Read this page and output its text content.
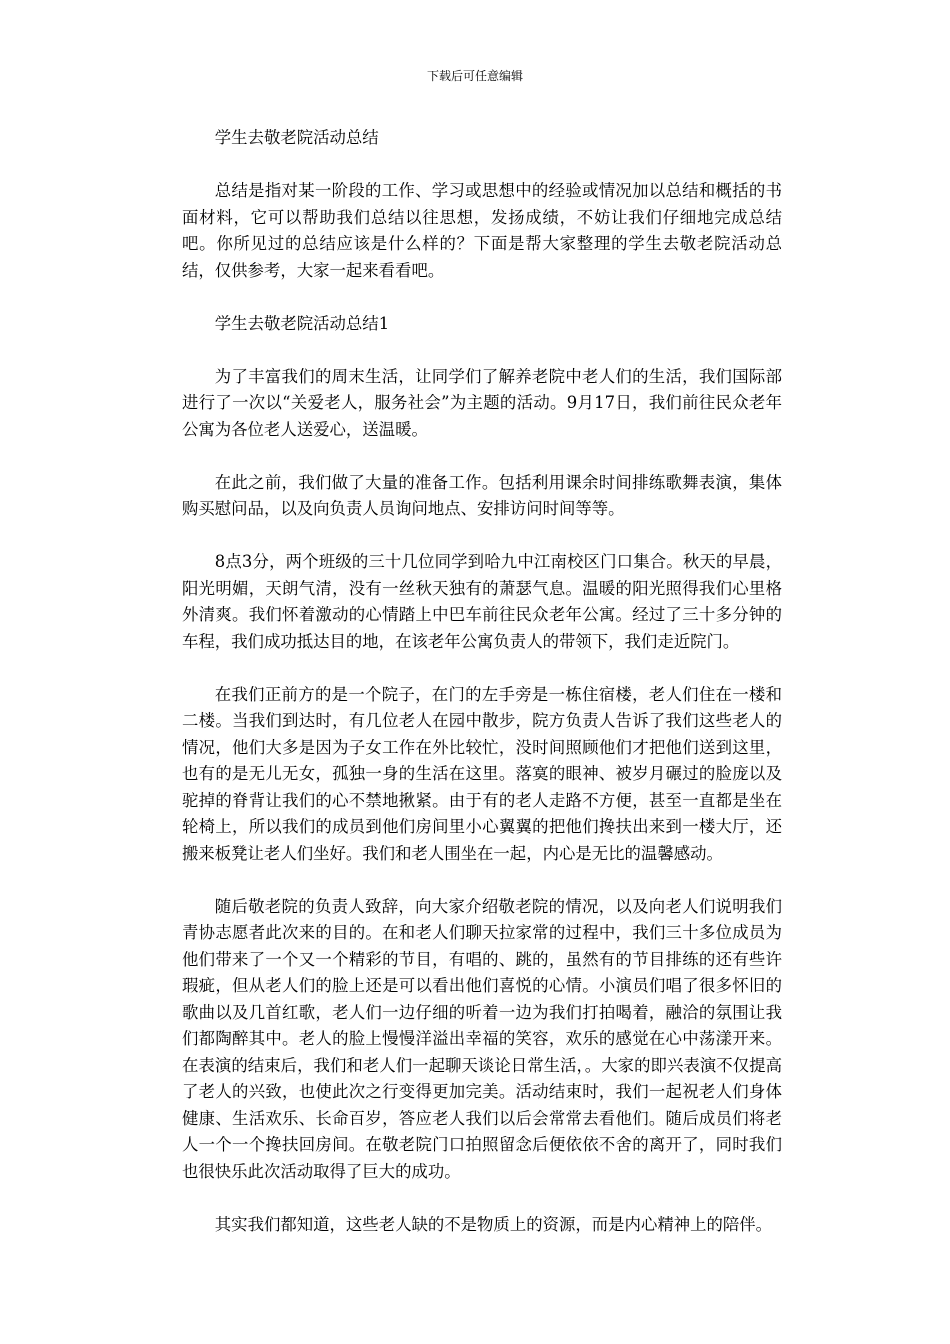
下载后可任意编辑

学生去敬老院活动总结

总结是指对某一阶段的工作、学习或思想中的经验或情况加以总结和概括的书面材料，它可以帮助我们总结以往思想，发扬成绩，不妨让我们仔细地完成总结吧。你所见过的总结应该是什么样的？下面是帮大家整理的学生去敬老院活动总结，仅供参考，大家一起来看看吧。

学生去敬老院活动总结1

为了丰富我们的周末生活，让同学们了解养老院中老人们的生活，我们国际部进行了一次以“关爱老人，服务社会”为主题的活动。9月17日，我们前往民众老年公寓为各位老人送爱心，送温暖。

在此之前，我们做了大量的准备工作。包括利用课余时间排练歌舞表演，集体购买慰问品，以及向负责人员询问地点、安排访问时间等等。

8点3分，两个班级的三十几位同学到哈九中江南校区门口集合。秋天的早晨，阳光明媚，天朗气清，没有一丝秋天独有的萧瑟气息。温暖的阳光照得我们心里格外清爽。我们怀着激动的心情踏上中巴车前往民众老年公寓。经过了三十多分钟的车程，我们成功抵达目的地，在该老年公寓负责人的带领下，我们走近院门。

在我们正前方的是一个院子，在门的左手旁是一栋住宿楼，老人们住在一楼和二楼。当我们到达时，有几位老人在园中散步，院方负责人告诉了我们这些老人的情况，他们大多是因为子女工作在外比较忙，没时间照顾他们才把他们送到这里，也有的是无儿无女，孤独一身的生活在这里。落寞的眼神、被岁月碾过的脸庞以及驼掉的脊背让我们的心不禁地揪紧。由于有的老人走路不方便，甚至一直都是坐在轮椅上，所以我们的成员到他们房间里小心翼翼的把他们搀扶出来到一楼大厅，还搬来板凳让老人们坐好。我们和老人围坐在一起，内心是无比的温馨感动。

随后敬老院的负责人致辞，向大家介绍敬老院的情况，以及向老人们说明我们青协志愿者此次来的目的。在和老人们聊天拉家常的过程中，我们三十多位成员为他们带来了一个又一个精彩的节目，有唱的、跳的，虽然有的节目排练的还有些许瑕疵，但从老人们的脸上还是可以看出他们喜悦的心情。小演员们唱了很多怀旧的歌曲以及几首红歌，老人们一边仔细的听着一边为我们打拍喝着，融洽的氛围让我们都陶醉其中。老人的脸上慢慢洋溢出幸福的笑容，欢乐的感觉在心中荡漾开来。在表演的结束后，我们和老人们一起聊天谈论日常生活，。大家的即兴表演不仅提高了老人的兴致，也使此次之行变得更加完美。活动结束时，我们一起祝老人们身体健康、生活欢乐、长命百岁，答应老人我们以后会常常去看他们。随后成员们将老人一个一个搀扶回房间。在敬老院门口拍照留念后便依依不舍的离开了，同时我们也很快乐此次活动取得了巨大的成功。

其实我们都知道，这些老人缺的不是物质上的资源，而是内心精神上的陪伴。
